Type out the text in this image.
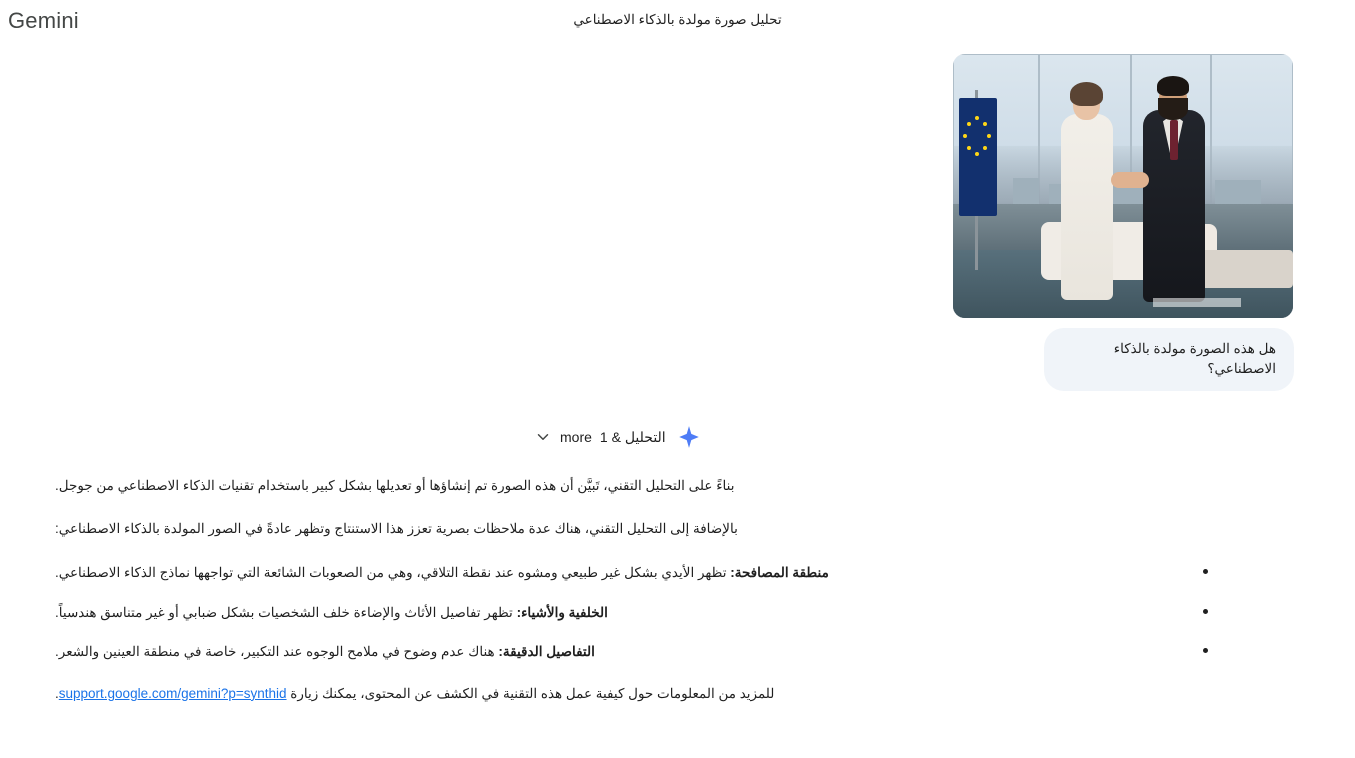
Gemini	تحليل صورة مولدة بالذكاء الاصطناعي
هل هذه الصورة مولدة بالذكاء الاصطناعي؟
التحليل & 1
more

بناءً على التحليل التقني، تَبيَّن أن هذه الصورة تم إنشاؤها أو تعديلها بشكل كبير باستخدام تقنيات الذكاء الاصطناعي من جوجل.

بالإضافة إلى التحليل التقني، هناك عدة ملاحظات بصرية تعزز هذا الاستنتاج وتظهر عادةً في الصور المولدة بالذكاء الاصطناعي:

منطقة المصافحة: تظهر الأيدي بشكل غير طبيعي ومشوه عند نقطة التلاقي، وهي من الصعوبات الشائعة التي تواجهها نماذج الذكاء الاصطناعي.
الخلفية والأشياء: تظهر تفاصيل الأثاث والإضاءة خلف الشخصيات بشكل ضبابي أو غير متناسق هندسياً.
التفاصيل الدقيقة: هناك عدم وضوح في ملامح الوجوه عند التكبير، خاصة في منطقة العينين والشعر.

للمزيد من المعلومات حول كيفية عمل هذه التقنية في الكشف عن المحتوى، يمكنك زيارة support.google.com/gemini?p=synthid.
